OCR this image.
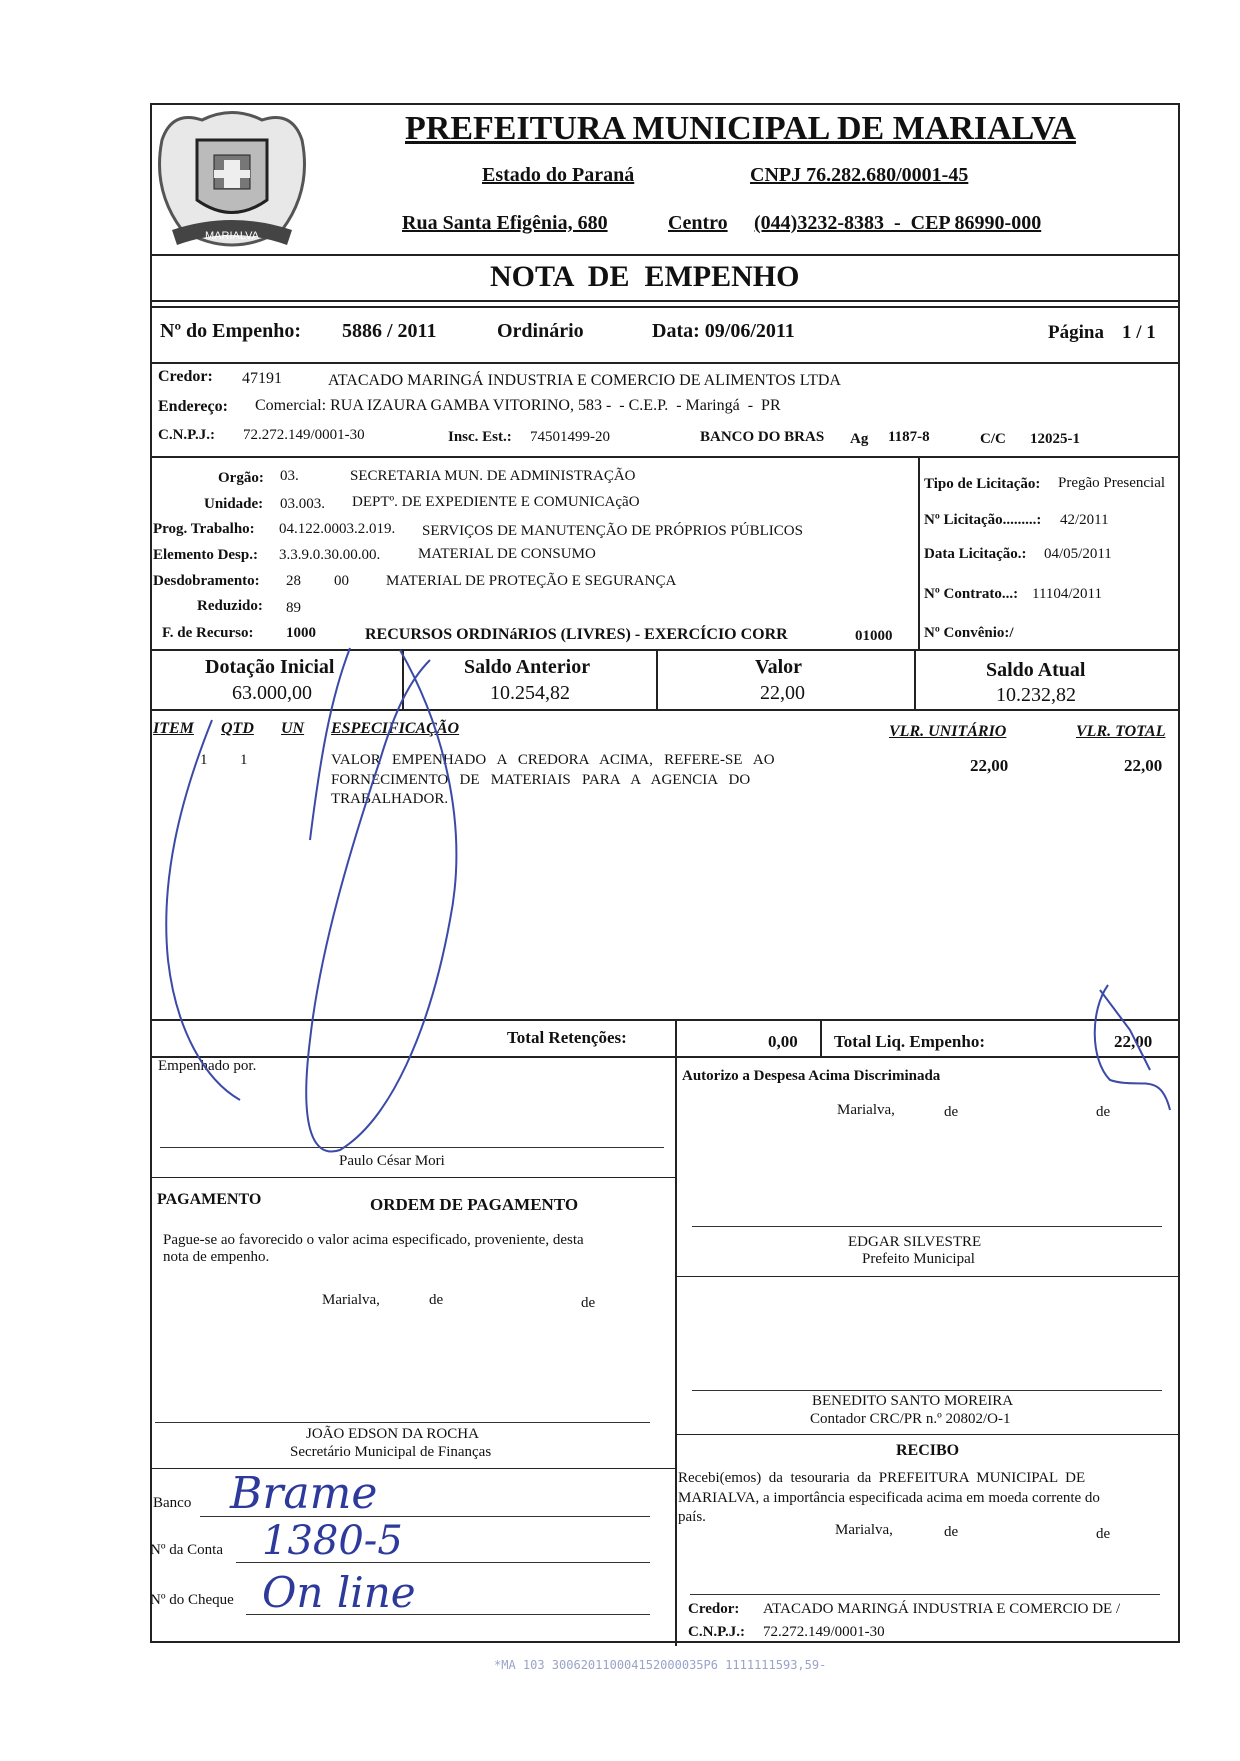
MARIALVA
PREFEITURA MUNICIPAL DE MARIALVA
Estado do Paraná	CNPJ 76.282.680/0001-45
Rua Santa Efigênia, 680	Centro (044)3232-8383  -  CEP 86990-000
NOTA  DE  EMPENHO
Nº do Empenho: 5886 / 2011	Ordinário	Data: 09/06/2011	Página 1 / 1
Credor: 47191	ATACADO MARINGÁ INDUSTRIA E COMERCIO DE ALIMENTOS LTDA
Endereço: Comercial: RUA IZAURA GAMBA VITORINO, 583 -  - C.E.P.  - Maringá  -  PR
C.N.P.J.: 72.272.149/0001-30	Insc. Est.: 74501499-20	BANCO DO BRAS Ag 1187-8	C/C 12025-1
Orgão: 03.	SECRETARIA MUN. DE ADMINISTRAÇÃO
Unidade: 03.003. DEPTº. DE EXPEDIENTE E COMUNICAçãO
Prog. Trabalho: 04.122.0003.2.019. SERVIÇOS DE MANUTENÇÃO DE PRÓPRIOS PÚBLICOS
Elemento Desp.: 3.3.9.0.30.00.00.	MATERIAL DE CONSUMO
Desdobramento: 28 00 MATERIAL DE PROTEÇÃO E SEGURANÇA
Reduzido: 89
F. de Recurso: 1000	RECURSOS ORDINáRIOS (LIVRES) - EXERCÍCIO CORR	01000
Tipo de Licitação: Pregão Presencial
Nº Licitação.........: 42/2011
Data Licitação.: 04/05/2011
Nº Contrato...: 11104/2011
Nº Convênio:/
Dotação Inicial
63.000,00
Saldo Anterior
10.254,82
Valor
22,00
Saldo Atual
10.232,82
ITEM QTD UN ESPECIFICAÇÃO	VLR. UNITÁRIO	VLR. TOTAL
1 1	VALOR   EMPENHADO   A   CREDORA   ACIMA,   REFERE-SE   AO
FORNECIMENTO   DE   MATERIAIS   PARA   A   AGENCIA   DO
TRABALHADOR.
22,00	22,00
Total Retenções:	0,00 Total Liq. Empenho:	22,00
Empenhado por.
Paulo César Mori
Autorizo a Despesa Acima Discriminada
Marialva,	de	de
PAGAMENTO	ORDEM DE PAGAMENTO
Pague-se ao favorecido o valor acima especificado, proveniente, desta
nota de empenho.
Marialva,	de	de
JOÃO EDSON DA ROCHA
Secretário Municipal de Finanças
Banco Brame
Nº da Conta 1380-5
Nº do Cheque On line
EDGAR SILVESTRE
Prefeito Municipal
BENEDITO SANTO MOREIRA
Contador CRC/PR n.º 20802/O-1
RECIBO
Recebi(emos)  da  tesouraria  da  PREFEITURA  MUNICIPAL  DE
MARIALVA, a importância especificada acima em moeda corrente do
país.
Marialva,	de	de
Credor: ATACADO MARINGÁ INDUSTRIA E COMERCIO DE /
C.N.P.J.: 72.272.149/0001-30
*MA 103 300620110004152000035P6 1111111593,59-
